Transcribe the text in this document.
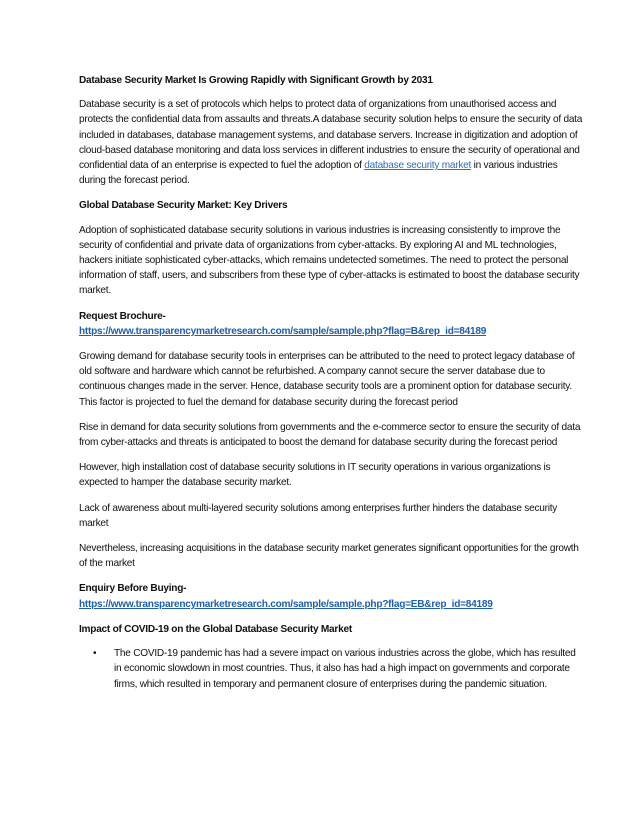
Database Security Market Is Growing Rapidly with Significant Growth by 2031

Database security is a set of protocols which helps to protect data of organizations from unauthorised access and protects the confidential data from assaults and threats.A database security solution helps to ensure the security of data included in databases, database management systems, and database servers. Increase in digitization and adoption of cloud-based database monitoring and data loss services in different industries to ensure the security of operational and confidential data of an enterprise is expected to fuel the adoption of database security market in various industries during the forecast period.

Global Database Security Market: Key Drivers

Adoption of sophisticated database security solutions in various industries is increasing consistently to improve the security of confidential and private data of organizations from cyber-attacks. By exploring AI and ML technologies, hackers initiate sophisticated cyber-attacks, which remains undetected sometimes. The need to protect the personal information of staff, users, and subscribers from these type of cyber-attacks is estimated to boost the database security market.

Request Brochure-
https://www.transparencymarketresearch.com/sample/sample.php?flag=B&rep_id=84189

Growing demand for database security tools in enterprises can be attributed to the need to protect legacy database of old software and hardware which cannot be refurbished. A company cannot secure the server database due to continuous changes made in the server. Hence, database security tools are a prominent option for database security. This factor is projected to fuel the demand for database security during the forecast period

Rise in demand for data security solutions from governments and the e-commerce sector to ensure the security of data from cyber-attacks and threats is anticipated to boost the demand for database security during the forecast period

However, high installation cost of database security solutions in IT security operations in various organizations is expected to hamper the database security market.

Lack of awareness about multi-layered security solutions among enterprises further hinders the database security market

Nevertheless, increasing acquisitions in the database security market generates significant opportunities for the growth of the market

Enquiry Before Buying-
https://www.transparencymarketresearch.com/sample/sample.php?flag=EB&rep_id=84189

Impact of COVID-19 on the Global Database Security Market

• The COVID-19 pandemic has had a severe impact on various industries across the globe, which has resulted in economic slowdown in most countries. Thus, it also has had a high impact on governments and corporate firms, which resulted in temporary and permanent closure of enterprises during the pandemic situation.
